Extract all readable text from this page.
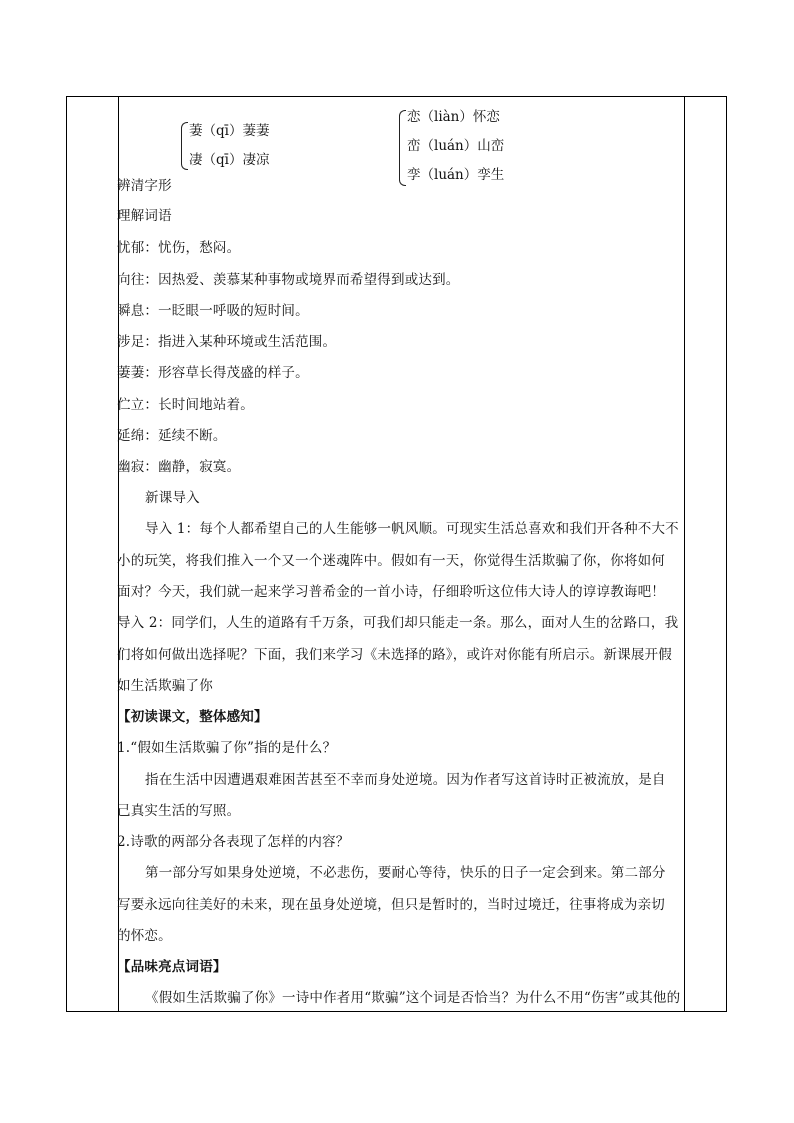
萋（qī）萋萋
凄（qī）凄凉
恋（liàn）怀恋
峦（luán）山峦
孪（luán）孪生
辨清字形
理解词语
忧郁：忧伤，愁闷。
向往：因热爱、羡慕某种事物或境界而希望得到或达到。
瞬息：一眨眼一呼吸的短时间。
涉足：指进入某种环境或生活范围。
萋萋：形容草长得茂盛的样子。
伫立：长时间地站着。
延绵：延续不断。
幽寂：幽静，寂寞。
新课导入
导入 1：每个人都希望自己的人生能够一帆风顺。可现实生活总喜欢和我们开各种不大不
小的玩笑，将我们推入一个又一个迷魂阵中。假如有一天，你觉得生活欺骗了你，你将如何
面对？今天，我们就一起来学习普希金的一首小诗，仔细聆听这位伟大诗人的谆谆教诲吧！
导入 2：同学们，人生的道路有千万条，可我们却只能走一条。那么，面对人生的岔路口，我
们将如何做出选择呢？下面，我们来学习《未选择的路》，或许对你能有所启示。新课展开假
如生活欺骗了你
【初读课文，整体感知】
1.“假如生活欺骗了你”指的是什么？
指在生活中因遭遇艰难困苦甚至不幸而身处逆境。因为作者写这首诗时正被流放，是自
己真实生活的写照。
2.诗歌的两部分各表现了怎样的内容？
第一部分写如果身处逆境，不必悲伤，要耐心等待，快乐的日子一定会到来。第二部分
写要永远向往美好的未来，现在虽身处逆境，但只是暂时的，当时过境迁，往事将成为亲切
的怀恋。
【品味亮点词语】
《假如生活欺骗了你》一诗中作者用“欺骗”这个词是否恰当？为什么不用“伤害”或其他的
